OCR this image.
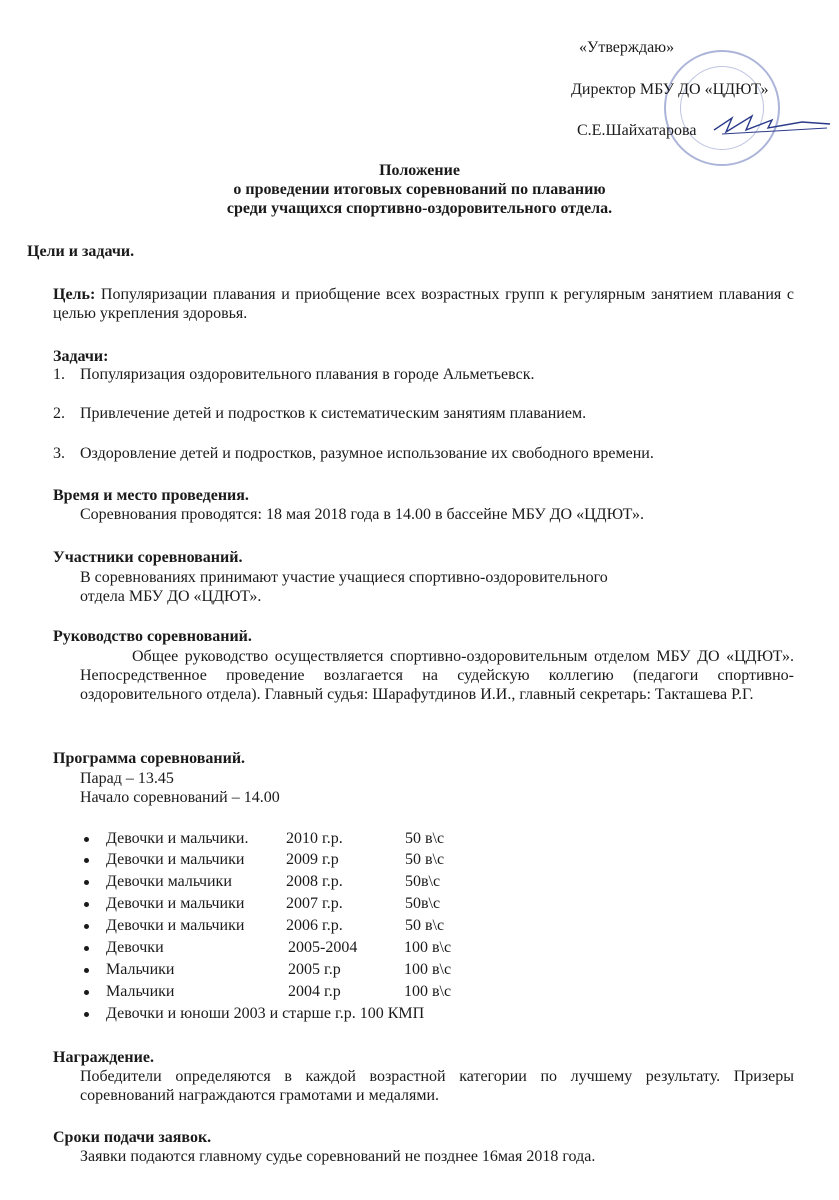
«Утверждаю»
Директор МБУ ДО «ЦДЮТ»
С.Е.Шайхатарова
Положение
о проведении итоговых соревнований по плаванию
среди учащихся спортивно-оздоровительного отдела.
Цели и задачи.
Цель: Популяризации плавания и приобщение всех возрастных групп к регулярным занятием плавания с целью укрепления здоровья.
Задачи:
1. Популяризация оздоровительного плавания в городе Альметьевск.
2. Привлечение детей и подростков к систематическим занятиям плаванием.
3. Оздоровление детей и подростков, разумное использование их свободного времени.
Время и место проведения.
Соревнования проводятся: 18 мая 2018 года в 14.00 в бассейне МБУ ДО «ЦДЮТ».
Участники соревнований.
В соревнованиях принимают участие учащиеся спортивно-оздоровительного
отдела МБУ ДО «ЦДЮТ».
Руководство соревнований.
Общее руководство осуществляется спортивно-оздоровительным отделом МБУ ДО «ЦДЮТ». Непосредственное проведение возлагается на судейскую коллегию (педагоги спортивно-оздоровительного отдела). Главный судья: Шарафутдинов И.И., главный секретарь: Такташева Р.Г.
Программа соревнований.
Парад – 13.45
Начало соревнований – 14.00
Девочки и мальчики. 2010 г.р.	50 в\с
Девочки и мальчики	2009 г.р	50 в\с
Девочки мальчики	2008 г.р.	50в\с
Девочки и мальчики	2007 г.р.	50в\с
Девочки и мальчики	2006 г.р.	50 в\с
Девочки	2005-2004	100 в\с
Мальчики	2005 г.р	100 в\с
Мальчики	2004 г.р	100 в\с
Девочки и юноши 2003 и старше г.р. 100 КМП
Награждение.
Победители определяются в каждой возрастной категории по лучшему результату. Призеры соревнований награждаются грамотами и медалями.
Сроки подачи заявок.
Заявки подаются главному судье соревнований не позднее 16мая 2018 года.
